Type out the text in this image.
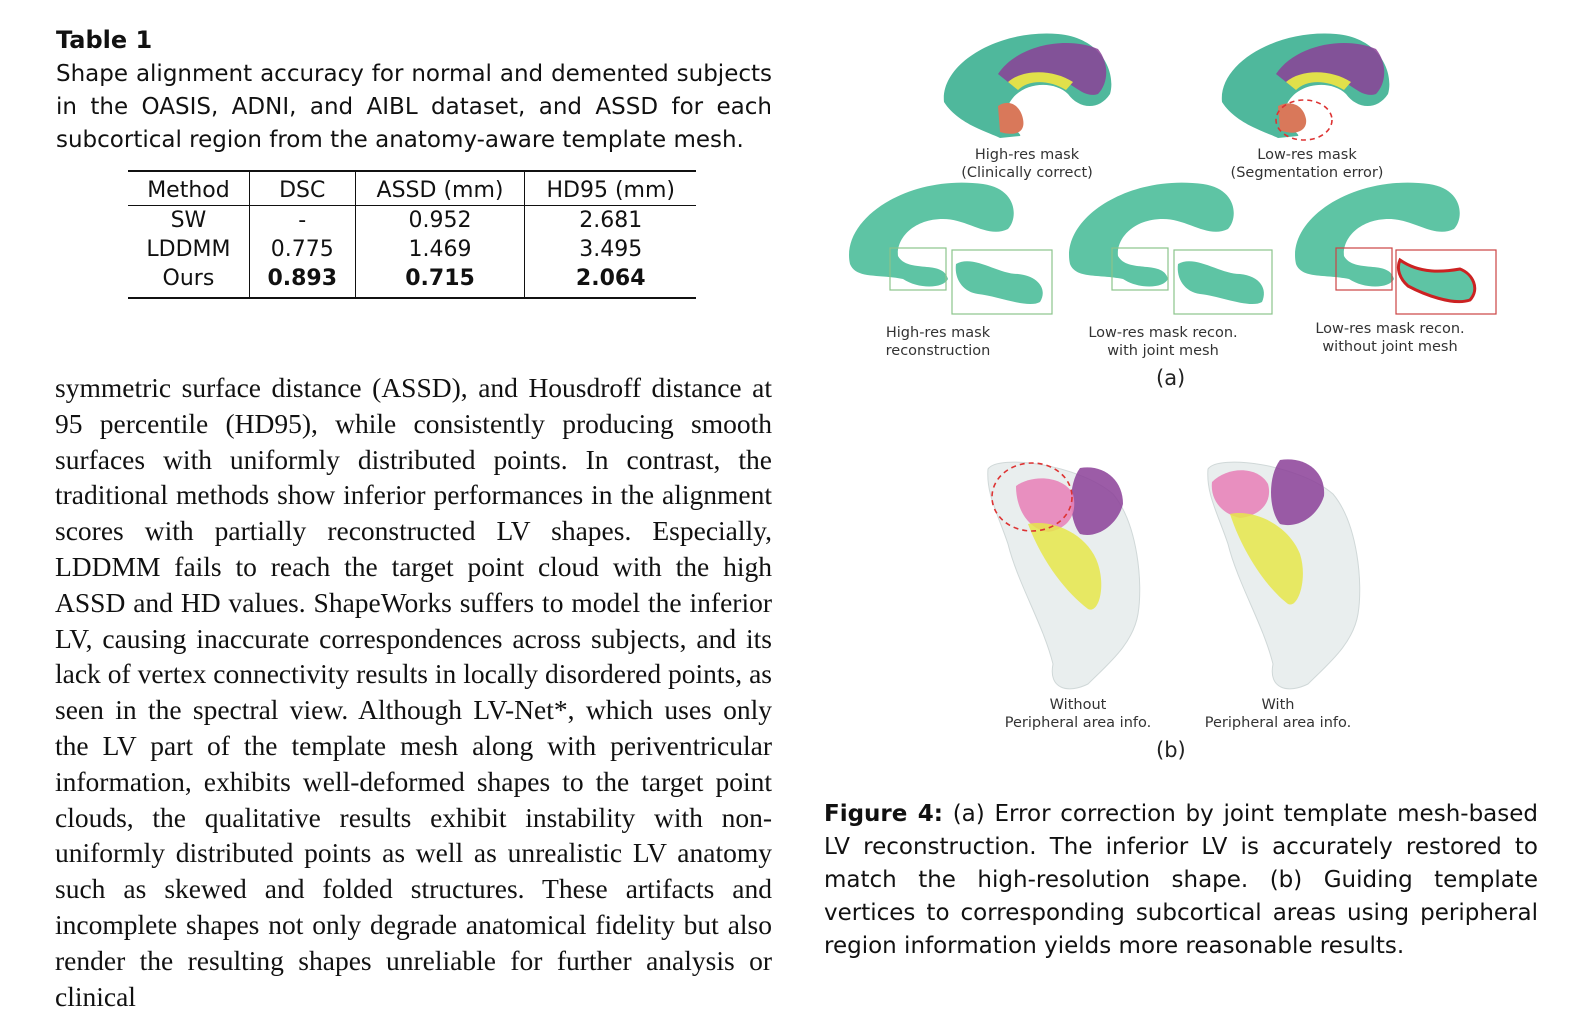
Table 1
Shape alignment accuracy for normal and demented subjects in the OASIS, ADNI, and AIBL dataset, and ASSD for each subcortical region from the anatomy-aware template mesh.
Method	DSC	ASSD (mm)	HD95 (mm)
SW	-	0.952	2.681
LDDMM	0.775	1.469	3.495
Ours	0.893	0.715	2.064

symmetric surface distance (ASSD), and Housdroff distance at 95 percentile (HD95), while consistently producing smooth surfaces with uniformly distributed points. In contrast, the traditional methods show inferior performances in the alignment scores with partially reconstructed LV shapes. Especially, LDDMM fails to reach the target point cloud with the high ASSD and HD values. ShapeWorks suffers to model the inferior LV, causing inaccurate correspondences across subjects, and its lack of vertex connectivity results in locally disordered points, as seen in the spectral view. Although LV-Net*, which uses only the LV part of the template mesh along with periventricular information, exhibits well-deformed shapes to the target point clouds, the qualitative results exhibit instability with non-uniformly distributed points as well as unrealistic LV anatomy such as skewed and folded structures. These artifacts and incomplete shapes not only degrade anatomical fidelity but also render the resulting shapes unreliable for further analysis or clinical

High-res mask
(Clinically correct)
Low-res mask
(Segmentation error)
High-res mask
reconstruction
Low-res mask recon.
with joint mesh
Low-res mask recon.
without joint mesh
(a)
Without
Peripheral area info.
With
Peripheral area info.
(b)
Figure 4: (a) Error correction by joint template mesh-based LV reconstruction. The inferior LV is accurately restored to match the high-resolution shape. (b) Guiding template vertices to corresponding subcortical areas using peripheral region information yields more reasonable results.
